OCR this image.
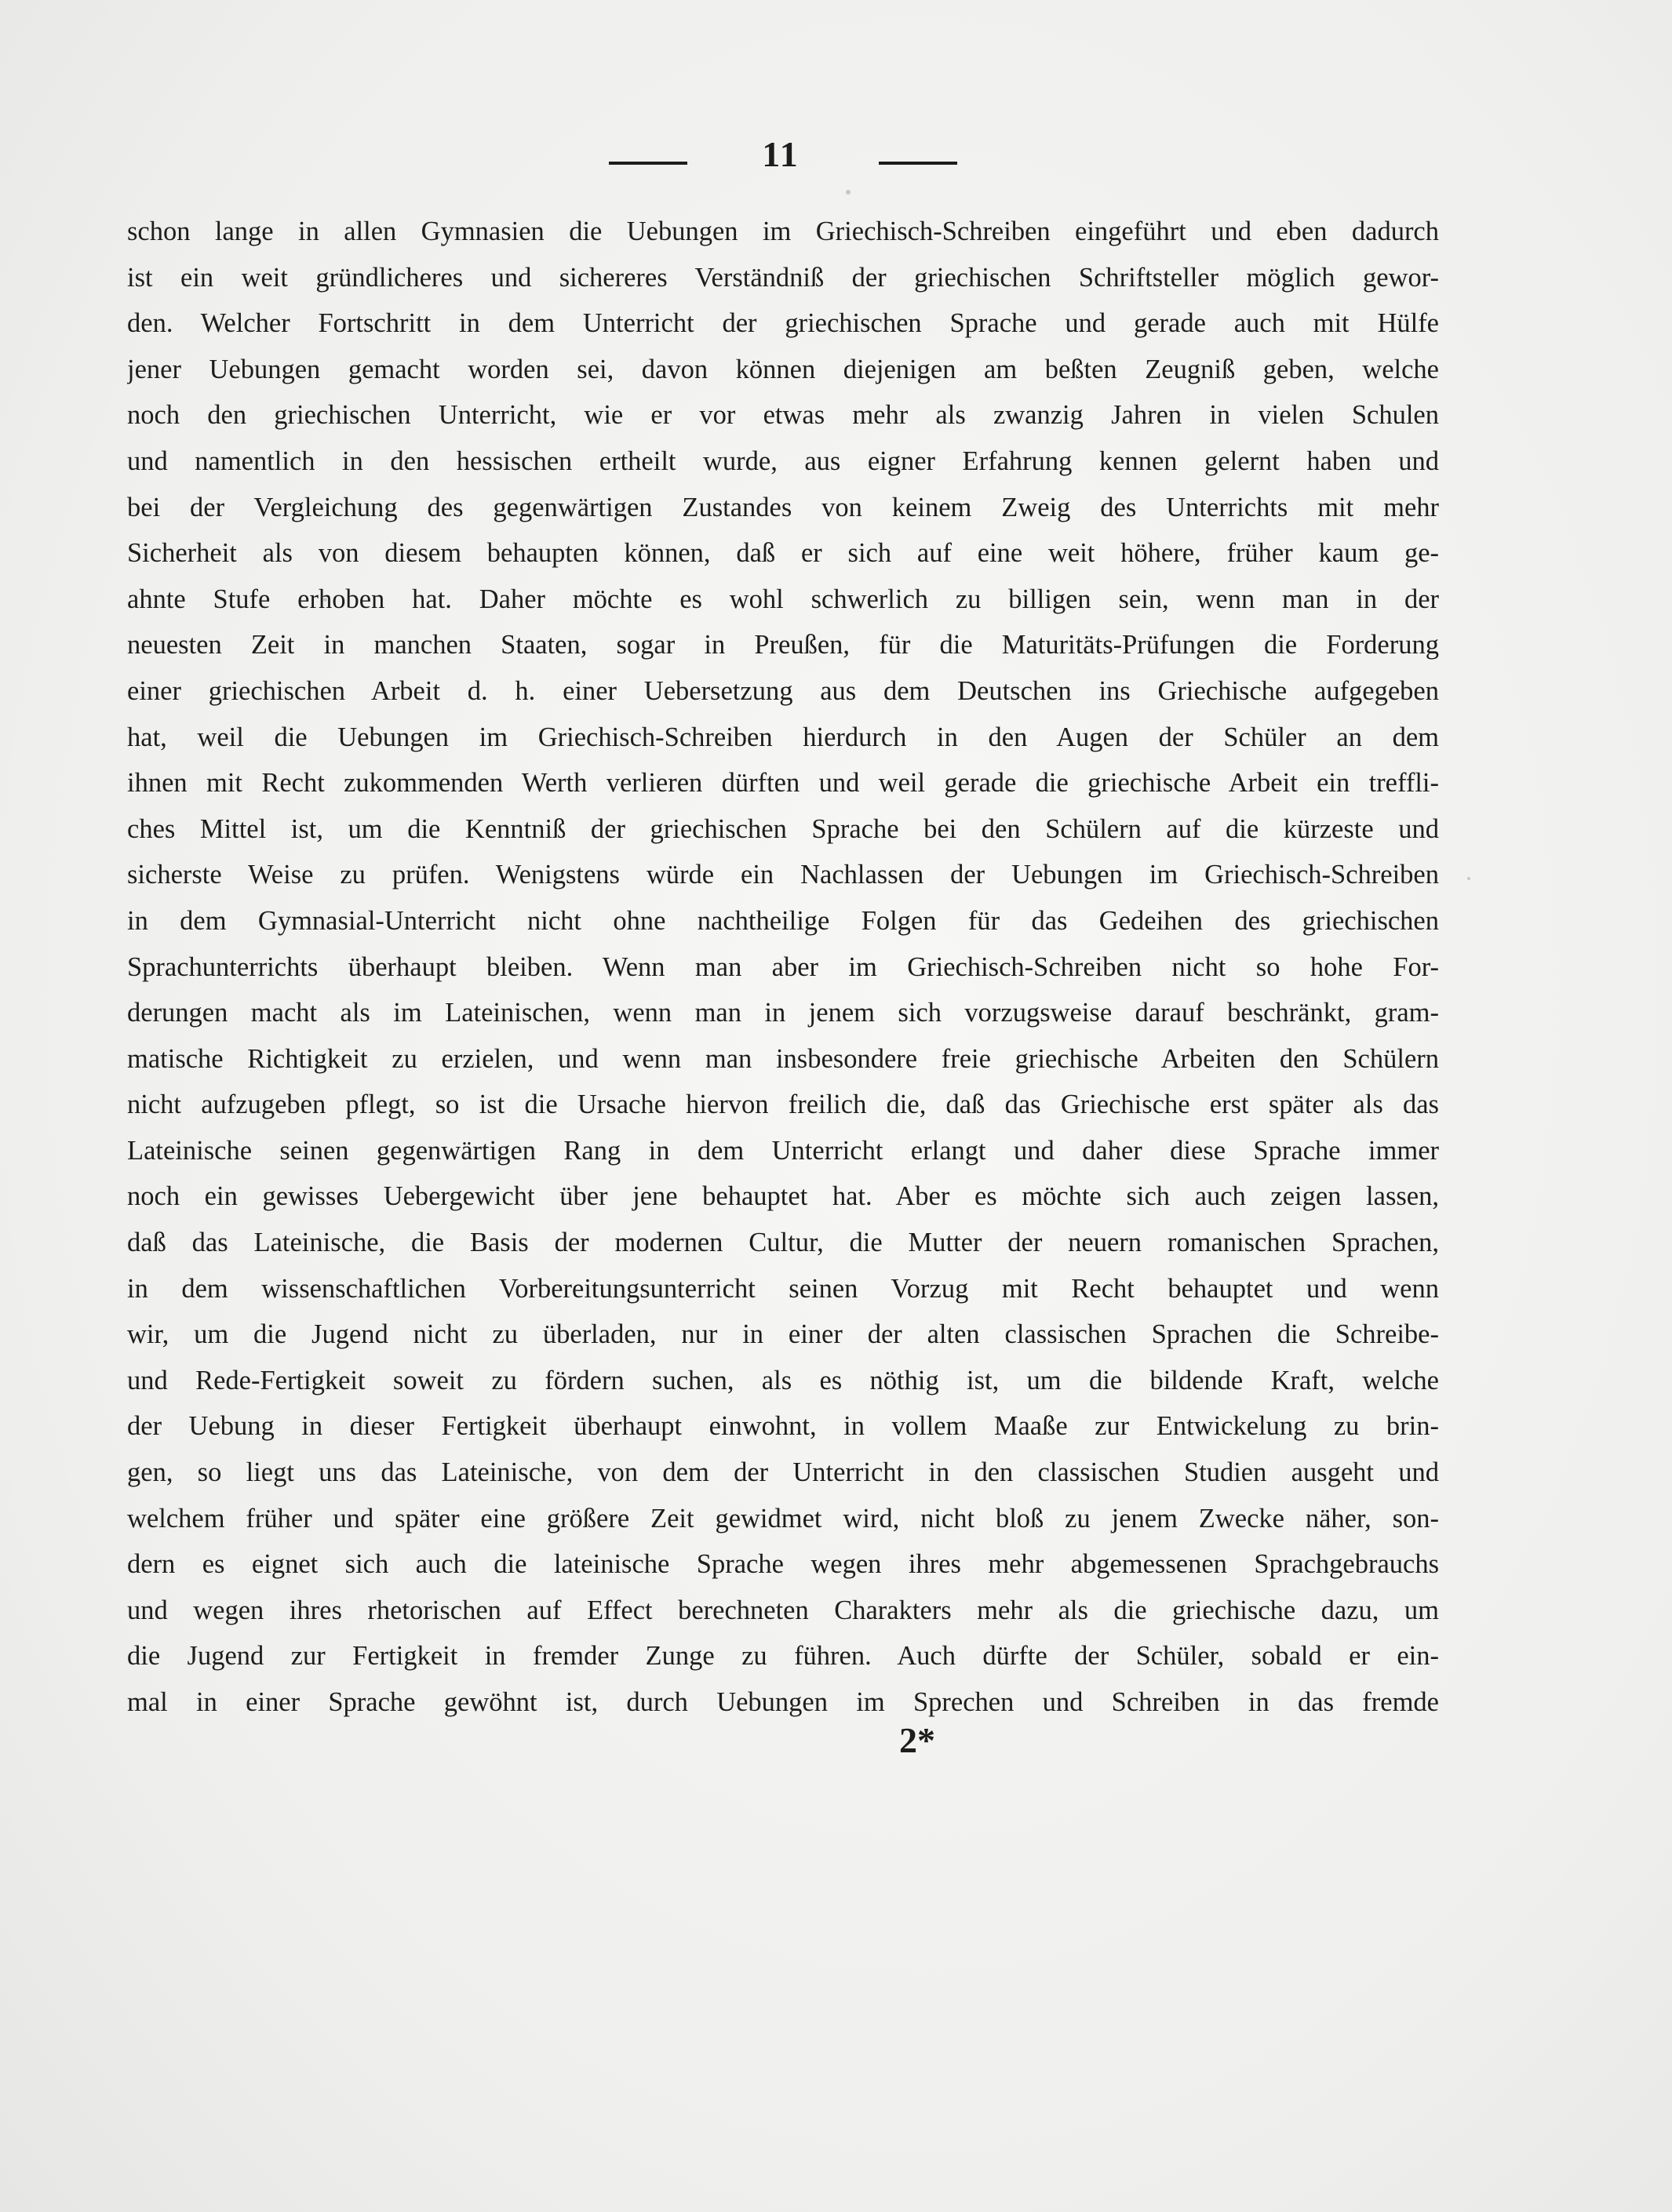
11
schon lange in allen Gymnasien die Uebungen im Griechisch-Schreiben eingeführt und eben dadurch
ist ein weit gründlicheres und sichereres Verständniß der griechischen Schriftsteller möglich gewor-
den. Welcher Fortschritt in dem Unterricht der griechischen Sprache und gerade auch mit Hülfe
jener Uebungen gemacht worden sei, davon können diejenigen am beßten Zeugniß geben, welche
noch den griechischen Unterricht, wie er vor etwas mehr als zwanzig Jahren in vielen Schulen
und namentlich in den hessischen ertheilt wurde, aus eigner Erfahrung kennen gelernt haben und
bei der Vergleichung des gegenwärtigen Zustandes von keinem Zweig des Unterrichts mit mehr
Sicherheit als von diesem behaupten können, daß er sich auf eine weit höhere, früher kaum ge-
ahnte Stufe erhoben hat. Daher möchte es wohl schwerlich zu billigen sein, wenn man in der
neuesten Zeit in manchen Staaten, sogar in Preußen, für die Maturitäts-Prüfungen die Forderung
einer griechischen Arbeit d. h. einer Uebersetzung aus dem Deutschen ins Griechische aufgegeben
hat, weil die Uebungen im Griechisch-Schreiben hierdurch in den Augen der Schüler an dem
ihnen mit Recht zukommenden Werth verlieren dürften und weil gerade die griechische Arbeit ein treffli-
ches Mittel ist, um die Kenntniß der griechischen Sprache bei den Schülern auf die kürzeste und
sicherste Weise zu prüfen. Wenigstens würde ein Nachlassen der Uebungen im Griechisch-Schreiben
in dem Gymnasial-Unterricht nicht ohne nachtheilige Folgen für das Gedeihen des griechischen
Sprachunterrichts überhaupt bleiben. Wenn man aber im Griechisch-Schreiben nicht so hohe For-
derungen macht als im Lateinischen, wenn man in jenem sich vorzugsweise darauf beschränkt, gram-
matische Richtigkeit zu erzielen, und wenn man insbesondere freie griechische Arbeiten den Schülern
nicht aufzugeben pflegt, so ist die Ursache hiervon freilich die, daß das Griechische erst später als das
Lateinische seinen gegenwärtigen Rang in dem Unterricht erlangt und daher diese Sprache immer
noch ein gewisses Uebergewicht über jene behauptet hat. Aber es möchte sich auch zeigen lassen,
daß das Lateinische, die Basis der modernen Cultur, die Mutter der neuern romanischen Sprachen,
in dem wissenschaftlichen Vorbereitungsunterricht seinen Vorzug mit Recht behauptet und wenn
wir, um die Jugend nicht zu überladen, nur in einer der alten classischen Sprachen die Schreibe-
und Rede-Fertigkeit soweit zu fördern suchen, als es nöthig ist, um die bildende Kraft, welche
der Uebung in dieser Fertigkeit überhaupt einwohnt, in vollem Maaße zur Entwickelung zu brin-
gen, so liegt uns das Lateinische, von dem der Unterricht in den classischen Studien ausgeht und
welchem früher und später eine größere Zeit gewidmet wird, nicht bloß zu jenem Zwecke näher, son-
dern es eignet sich auch die lateinische Sprache wegen ihres mehr abgemessenen Sprachgebrauchs
und wegen ihres rhetorischen auf Effect berechneten Charakters mehr als die griechische dazu, um
die Jugend zur Fertigkeit in fremder Zunge zu führen. Auch dürfte der Schüler, sobald er ein-
mal in einer Sprache gewöhnt ist, durch Uebungen im Sprechen und Schreiben in das fremde
2*
